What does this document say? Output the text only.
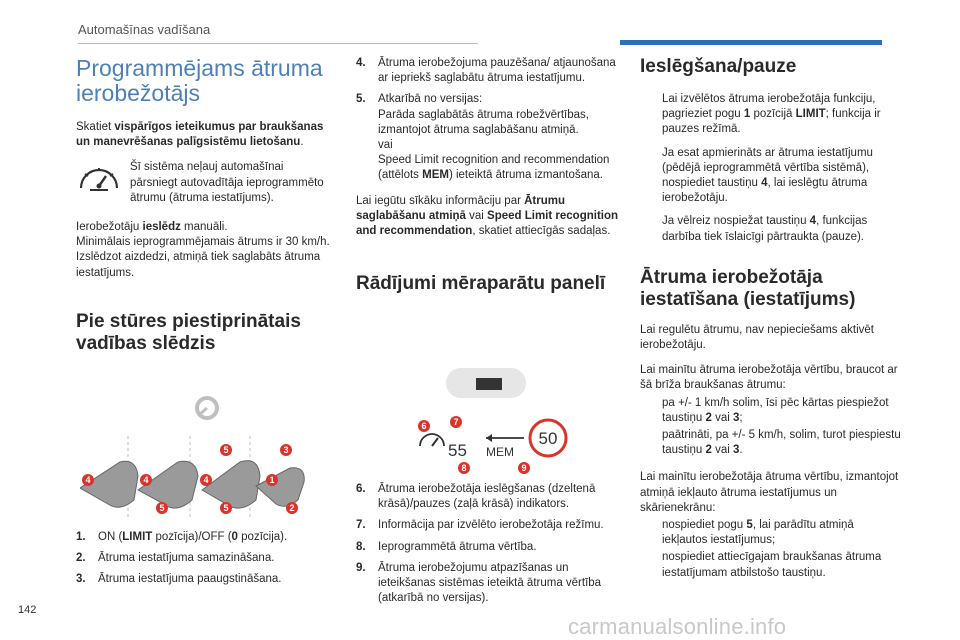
Automašīnas vadīšana
Programmējams ātruma ierobežotājs

Skatiet vispārīgos ieteikumus par braukšanas un manevrēšanas palīgsistēmu lietošanu.

Šī sistēma neļauj automašīnai pārsniegt autovadītāja ieprogrammēto ātrumu (ātruma iestatījums).

Ierobežotāju ieslēdz manuāli.

Minimālais ieprogrammējamais ātrums ir 30 km/h.

Izslēdzot aizdedzi, atmiņā tiek saglabāts ātruma iestatījums.

Pie stūres piestiprinātais vadības slēdzis
4	4	4
5
5	5
3
1
2
1.	ON (LIMIT pozīcija)/OFF (0 pozīcija).
2.	Ātruma iestatījuma samazināšana.
3.	Ātruma iestatījuma paaugstināšana.
4.	Ātruma ierobežojuma pauzēšana/ atjaunošana ar iepriekš saglabātu ātruma iestatījumu.
5.	Atkarībā no versijas:
Parāda saglabātās ātruma robežvērtības, izmantojot ātruma saglabāšanu atmiņā.
vai
Speed Limit recognition and recommendation (attēlots MEM) ieteiktā ātruma izmantošana.

Lai iegūtu sīkāku informāciju par Ātrumu saglabāšanu atmiņā vai Speed Limit recognition and recommendation, skatiet attiecīgās sadaļas.

Rādījumi mēraparātu panelī
55 MEM
50
6	7
8	9
6.	Ātruma ierobežotāja ieslēgšanas (dzeltenā krāsā)/pauzes (zaļā krāsā) indikators.
7.	Informācija par izvēlēto ierobežotāja režīmu.
8.	Ieprogrammētā ātruma vērtība.
9.	Ātruma ierobežojumu atpazīšanas un ieteikšanas sistēmas ieteiktā ātruma vērtība (atkarībā no versijas).
Ieslēgšana/pauze
Lai izvēlētos ātruma ierobežotāja funkciju, pagrieziet pogu 1 pozīcijā LIMIT; funkcija ir pauzes režīmā.
Ja esat apmierināts ar ātruma iestatījumu (pēdējā ieprogrammētā vērtība sistēmā), nospiediet taustiņu 4, lai ieslēgtu ātruma ierobežotāju.
Ja vēlreiz nospiežat taustiņu 4, funkcijas darbība tiek īslaicīgi pārtraukta (pauze).
Ātruma ierobežotāja iestatīšana (iestatījums)

Lai regulētu ātrumu, nav nepieciešams aktivēt ierobežotāju.

Lai mainītu ātruma ierobežotāja vērtību, braucot ar šā brīža braukšanas ātrumu:

pa +/- 1 km/h solim, īsi pēc kārtas piespiežot taustiņu 2 vai 3;
paātrināti, pa +/- 5 km/h, solim, turot piespiestu taustiņu 2 vai 3.

Lai mainītu ierobežotāja ātruma vērtību, izmantojot atmiņā iekļauto ātruma iestatījumus un skārienekrānu:

nospiediet pogu 5, lai parādītu atmiņā iekļautos iestatījumus;
nospiediet attiecīgajam braukšanas ātruma iestatījumam atbilstošo taustiņu.
142
carmanualsonline.info
